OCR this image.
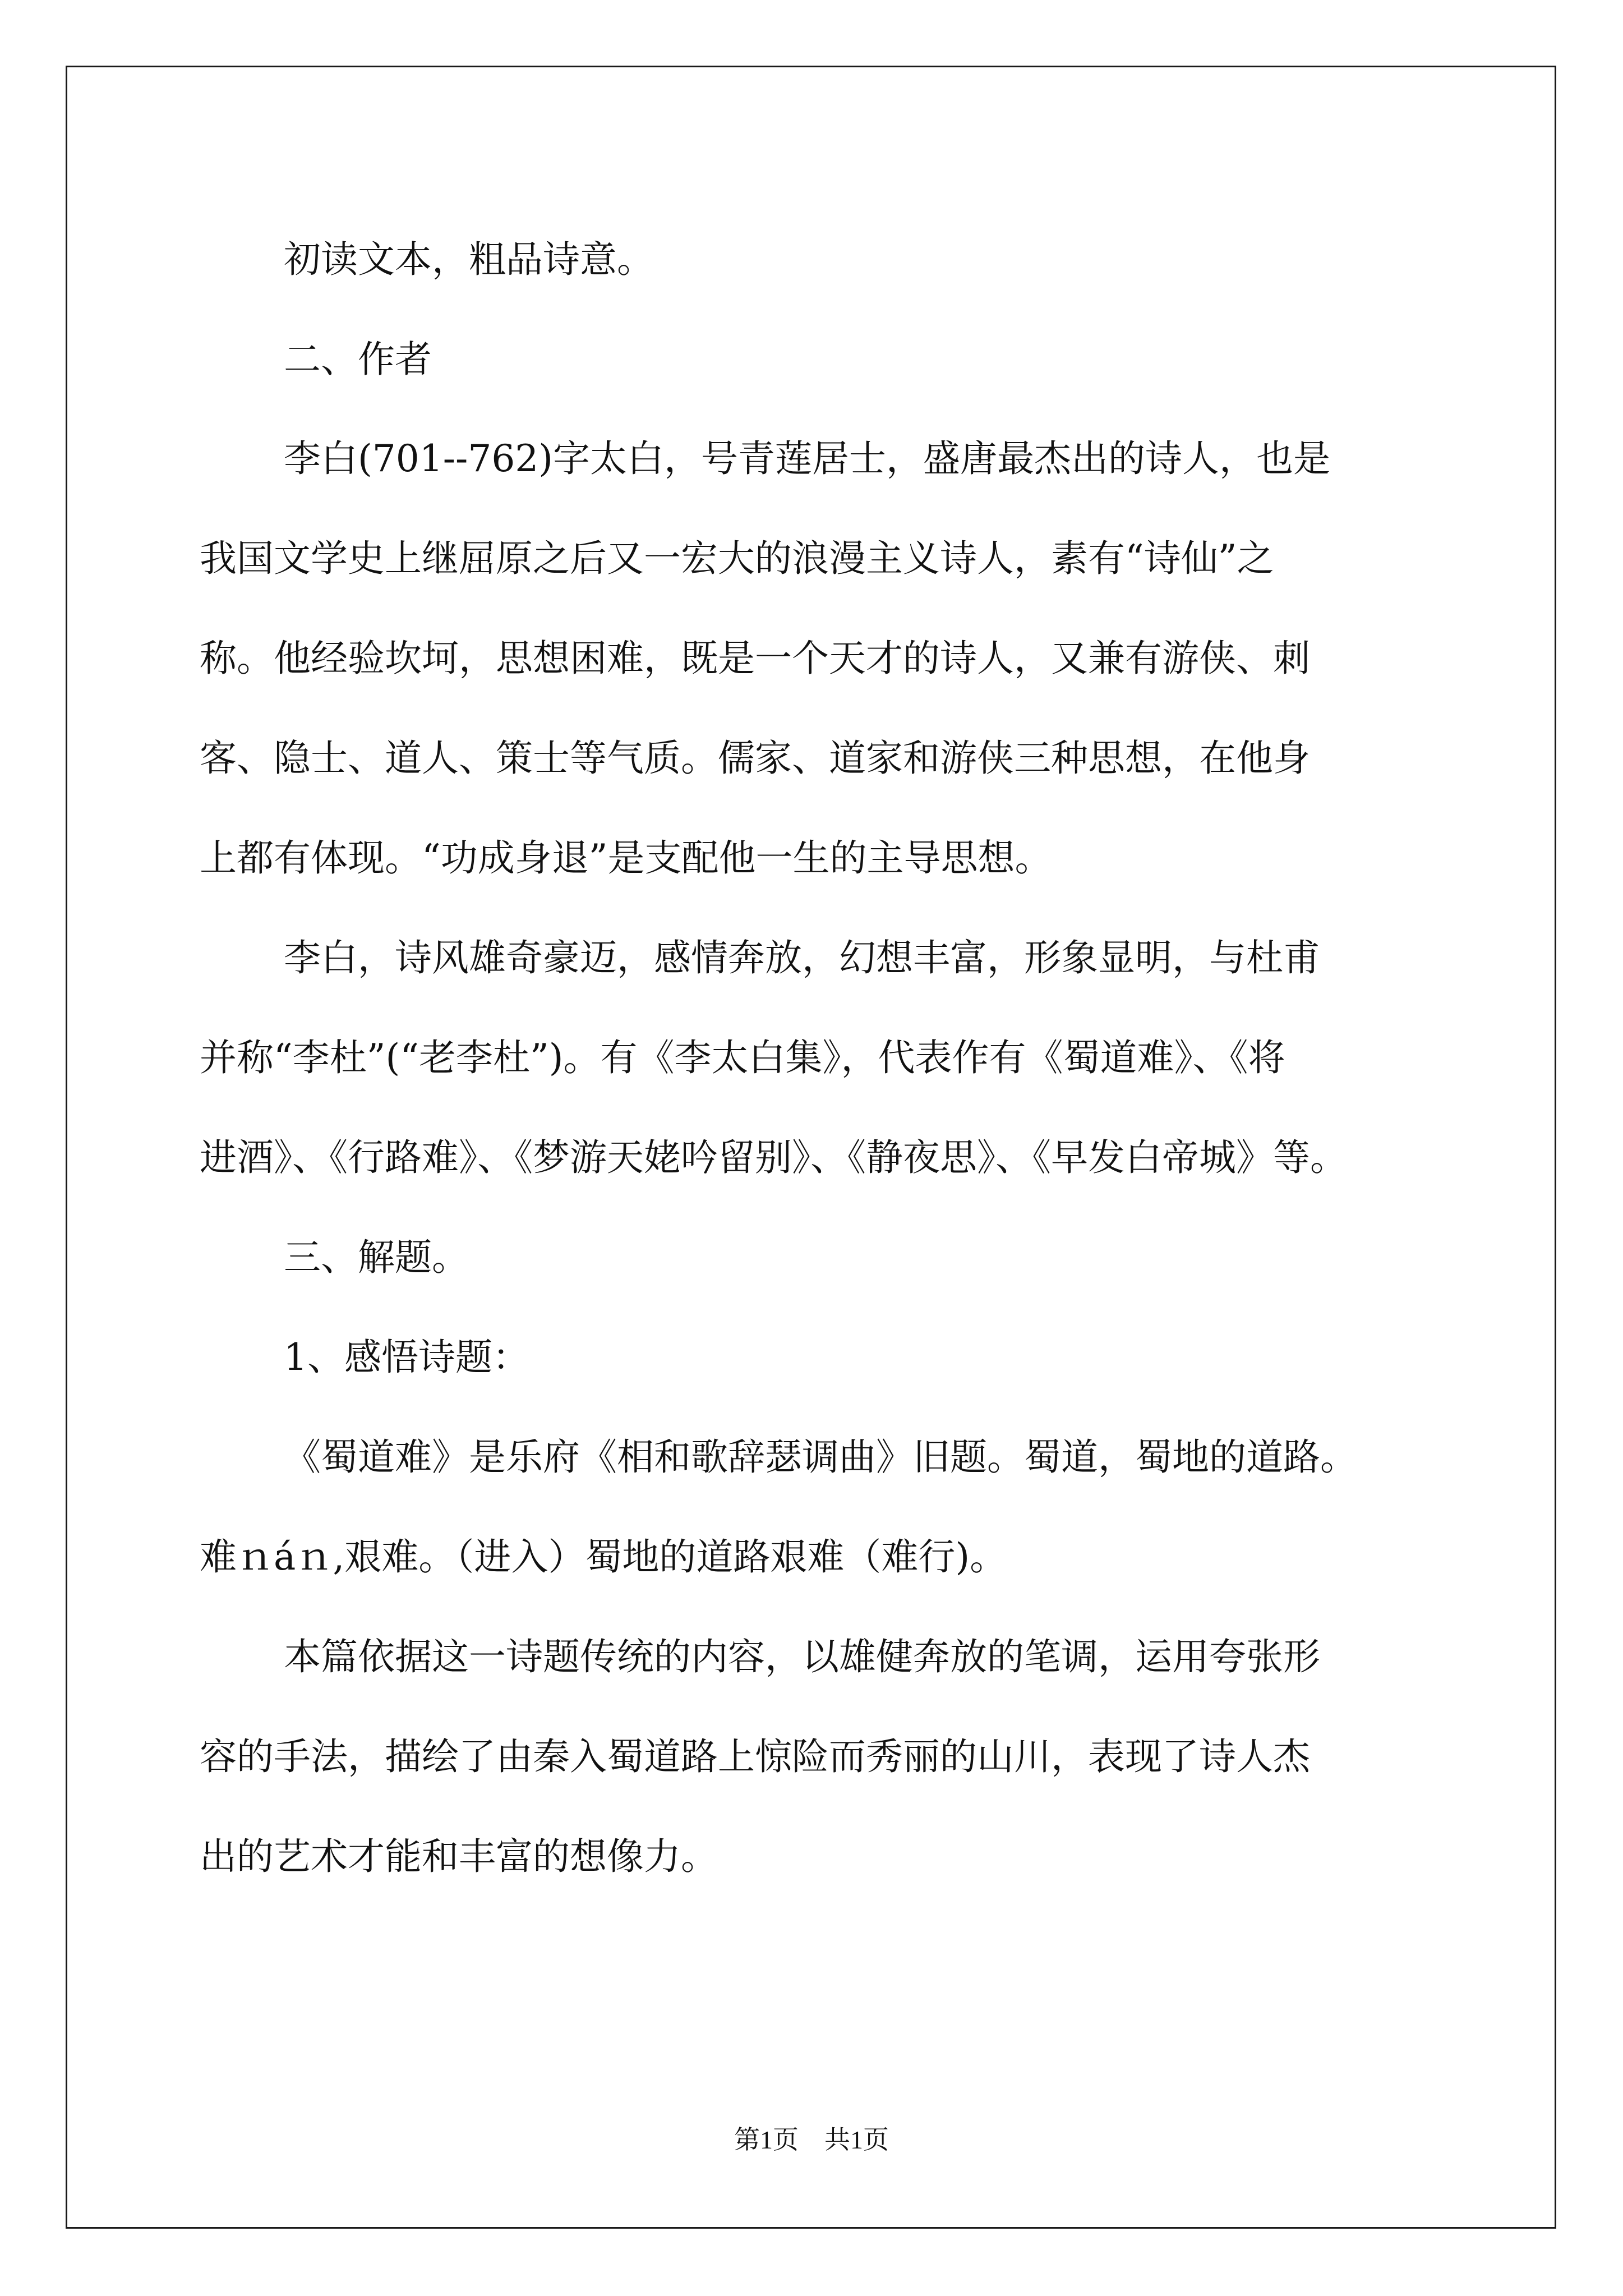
初读文本，粗品诗意。

二、作者

李白(701--762)字太白，号青莲居士，盛唐最杰出的诗人，也是

我国文学史上继屈原之后又一宏大的浪漫主义诗人，素有“诗仙”之

称。他经验坎坷，思想困难，既是一个天才的诗人，又兼有游侠、刺

客、隐士、道人、策士等气质。儒家、道家和游侠三种思想，在他身

上都有体现。“功成身退”是支配他一生的主导思想。

李白，诗风雄奇豪迈，感情奔放，幻想丰富，形象显明，与杜甫

并称“李杜”(“老李杜”)。有《李太白集》，代表作有《蜀道难》、《将

进酒》、《行路难》、《梦游天姥吟留别》、《静夜思》、《早发白帝城》等。

三、解题。

1、感悟诗题：

《蜀道难》是乐府《相和歌辞瑟调曲》旧题。蜀道，蜀地的道路。

难ｎáｎ,艰难。（进入）蜀地的道路艰难（难行)。

本篇依据这一诗题传统的内容，以雄健奔放的笔调，运用夸张形

容的手法，描绘了由秦入蜀道路上惊险而秀丽的山川，表现了诗人杰

出的艺术才能和丰富的想像力。

第1页 共1页
